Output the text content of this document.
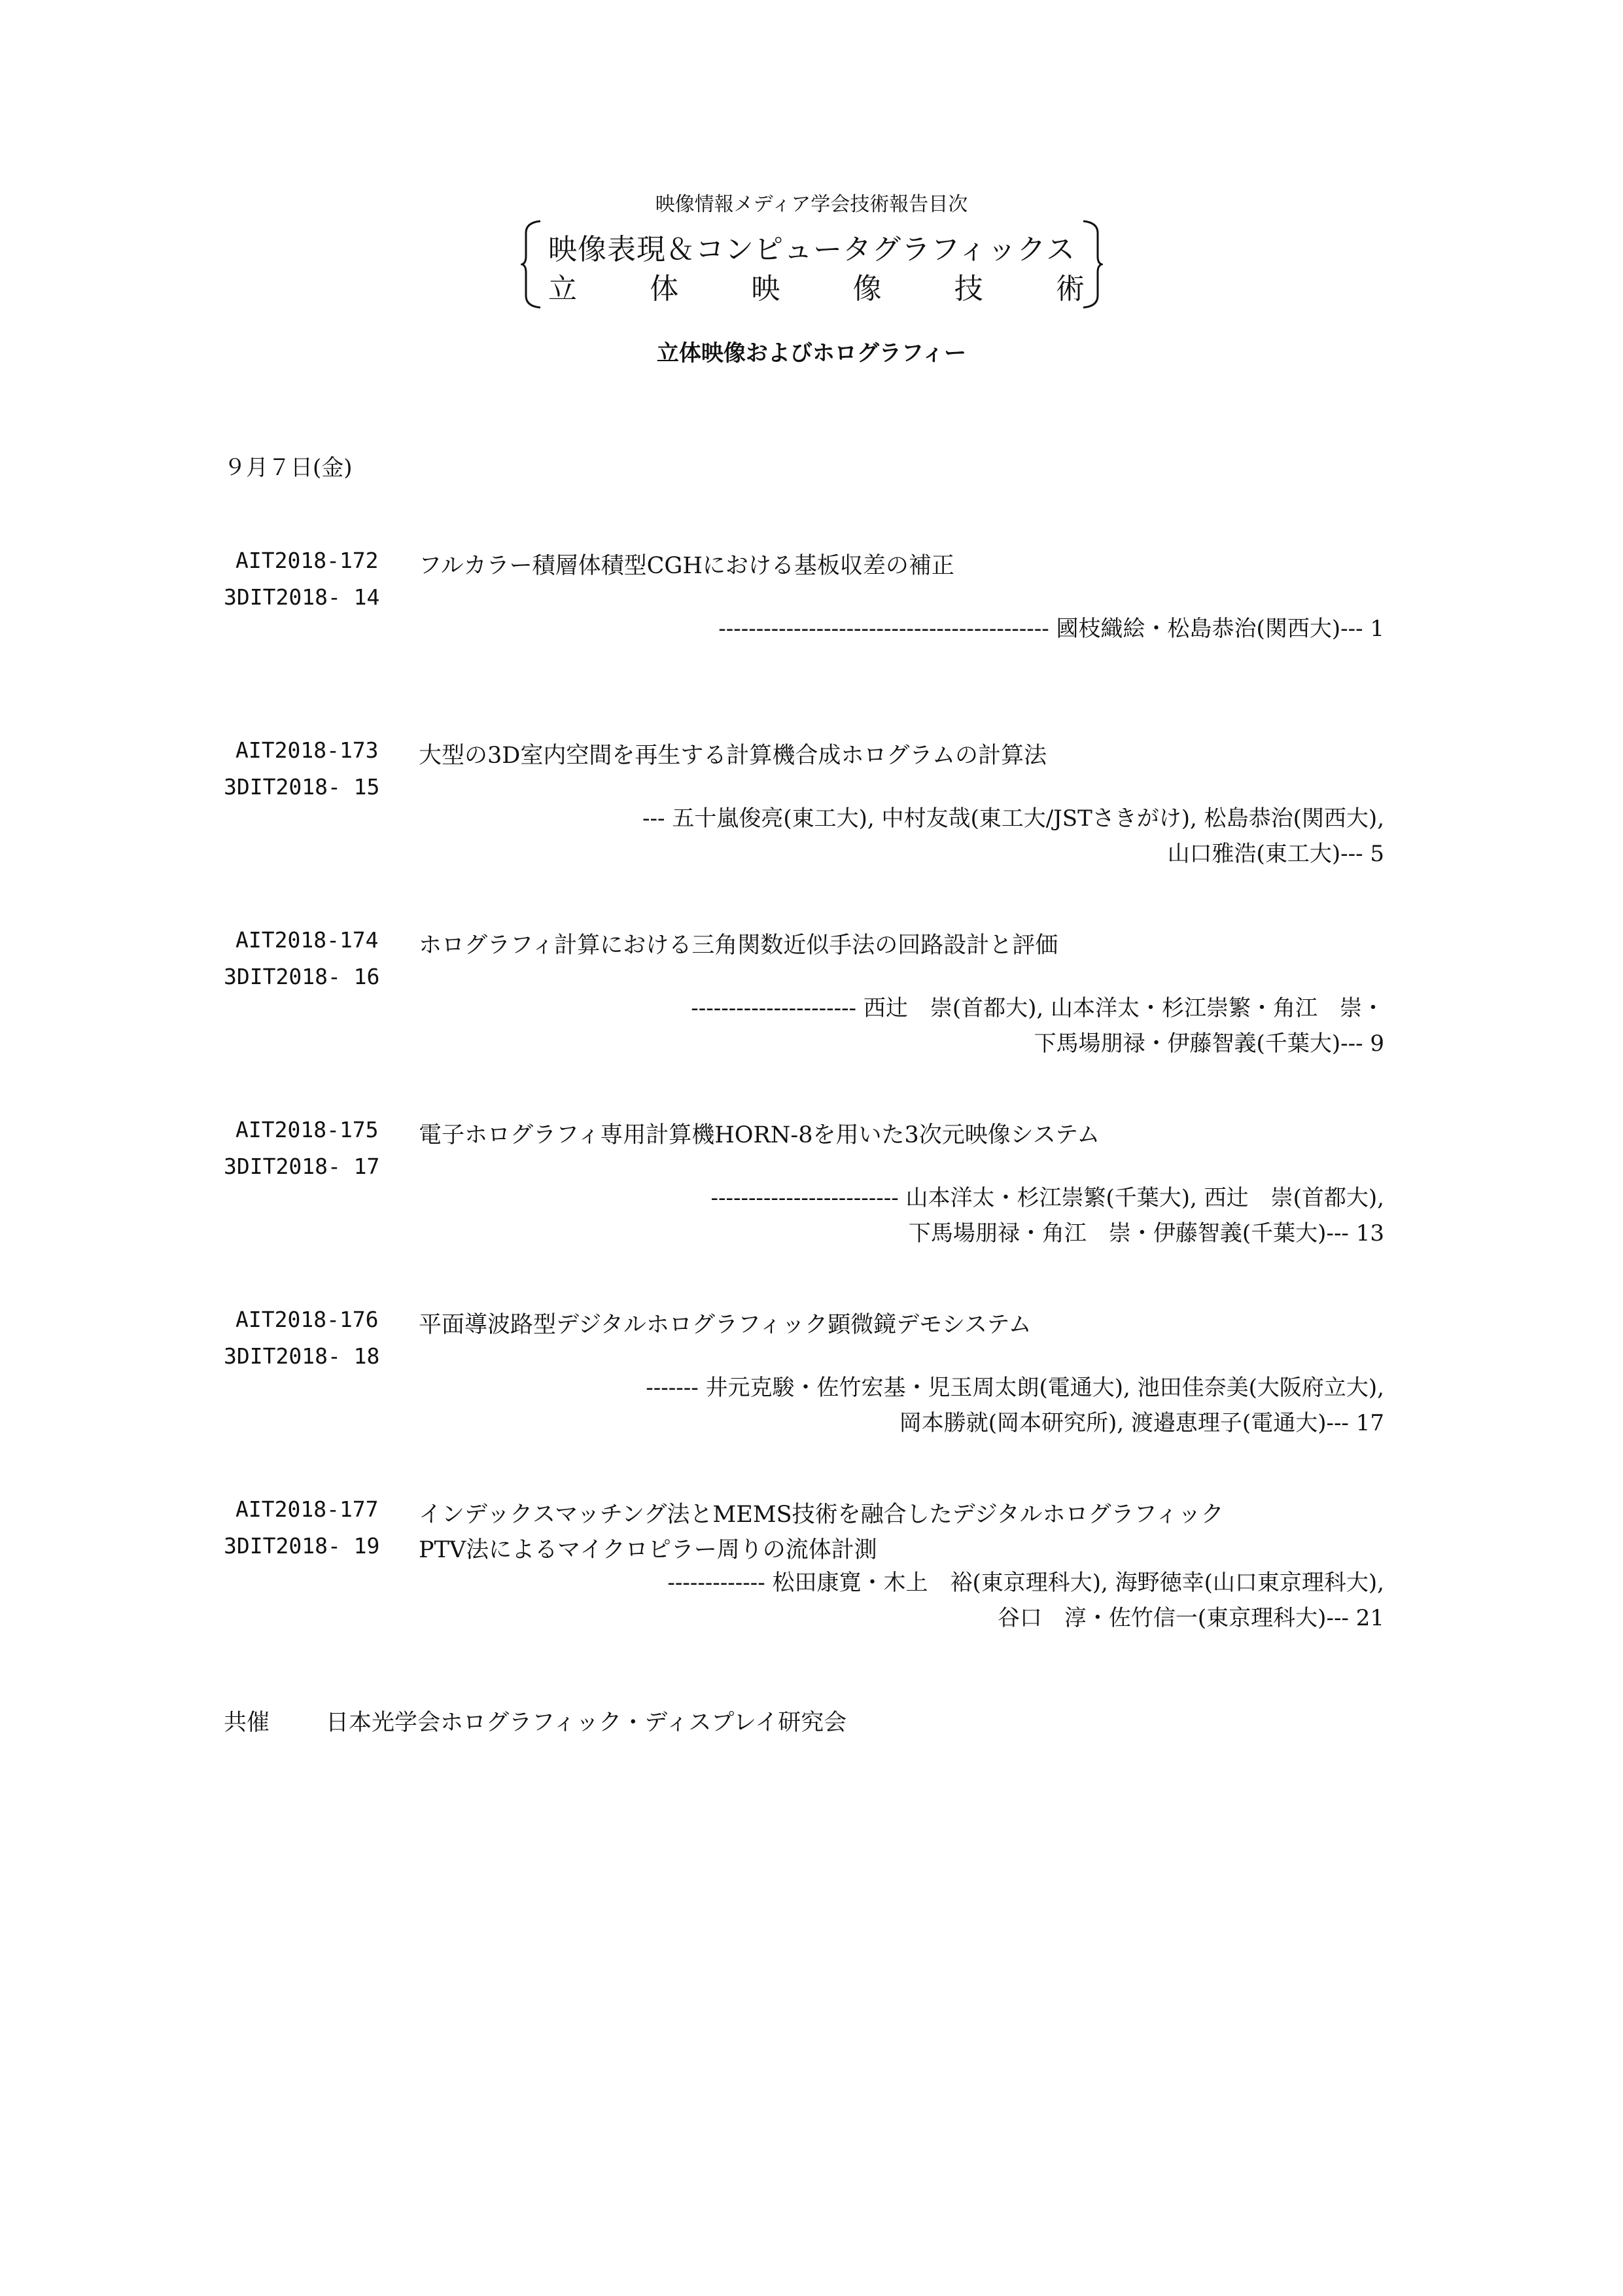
映像情報メディア学会技術報告目次
映像表現＆コンピュータグラフィックス
立	体	映	像	技	術
立体映像およびホログラフィー
９月７日(金)
AIT2018-172
3DIT2018- 14
フルカラー積層体積型CGHにおける基板収差の補正
-------------------------------------------- 國枝織絵・松島恭治(関西大)--- 1
AIT2018-173
3DIT2018- 15
大型の3D室内空間を再生する計算機合成ホログラムの計算法
--- 五十嵐俊亮(東工大), 中村友哉(東工大/JSTさきがけ), 松島恭治(関西大),
山口雅浩(東工大)--- 5
AIT2018-174
3DIT2018- 16
ホログラフィ計算における三角関数近似手法の回路設計と評価
---------------------- 西辻　崇(首都大), 山本洋太・杉江崇繁・角江　崇・
下馬場朋禄・伊藤智義(千葉大)--- 9
AIT2018-175
3DIT2018- 17
電子ホログラフィ専用計算機HORN-8を用いた3次元映像システム
------------------------- 山本洋太・杉江崇繁(千葉大), 西辻　崇(首都大),
下馬場朋禄・角江　崇・伊藤智義(千葉大)--- 13
AIT2018-176
3DIT2018- 18
平面導波路型デジタルホログラフィック顕微鏡デモシステム
------- 井元克駿・佐竹宏基・児玉周太朗(電通大), 池田佳奈美(大阪府立大),
岡本勝就(岡本研究所), 渡邉恵理子(電通大)--- 17
AIT2018-177
3DIT2018- 19
インデックスマッチング法とMEMS技術を融合したデジタルホログラフィック
PTV法によるマイクロピラー周りの流体計測
------------- 松田康寛・木上　裕(東京理科大), 海野徳幸(山口東京理科大),
谷口　淳・佐竹信一(東京理科大)--- 21
共催 日本光学会ホログラフィック・ディスプレイ研究会
